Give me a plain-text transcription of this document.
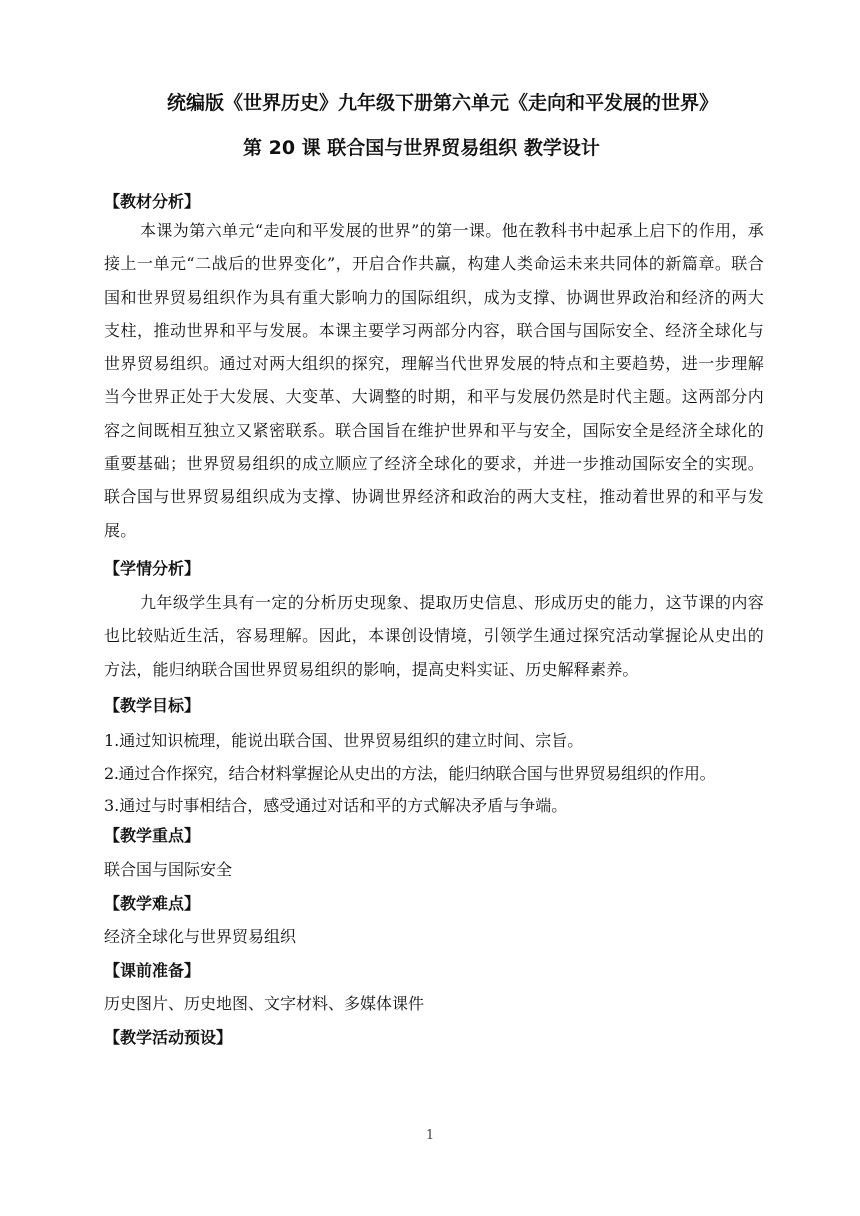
统编版《世界历史》九年级下册第六单元《走向和平发展的世界》
第 20 课 联合国与世界贸易组织 教学设计
【教材分析】
本课为第六单元“走向和平发展的世界”的第一课。他在教科书中起承上启下的作用，承接上一单元“二战后的世界变化”，开启合作共赢，构建人类命运未来共同体的新篇章。联合国和世界贸易组织作为具有重大影响力的国际组织，成为支撑、协调世界政治和经济的两大支柱，推动世界和平与发展。本课主要学习两部分内容，联合国与国际安全、经济全球化与世界贸易组织。通过对两大组织的探究，理解当代世界发展的特点和主要趋势，进一步理解当今世界正处于大发展、大变革、大调整的时期，和平与发展仍然是时代主题。这两部分内容之间既相互独立又紧密联系。联合国旨在维护世界和平与安全，国际安全是经济全球化的重要基础；世界贸易组织的成立顺应了经济全球化的要求，并进一步推动国际安全的实现。联合国与世界贸易组织成为支撑、协调世界经济和政治的两大支柱，推动着世界的和平与发展。
【学情分析】
九年级学生具有一定的分析历史现象、提取历史信息、形成历史的能力，这节课的内容也比较贴近生活，容易理解。因此，本课创设情境，引领学生通过探究活动掌握论从史出的方法，能归纳联合国世界贸易组织的影响，提高史料实证、历史解释素养。
【教学目标】
1.通过知识梳理，能说出联合国、世界贸易组织的建立时间、宗旨。
2.通过合作探究，结合材料掌握论从史出的方法，能归纳联合国与世界贸易组织的作用。
3.通过与时事相结合，感受通过对话和平的方式解决矛盾与争端。
【教学重点】
联合国与国际安全
【教学难点】
经济全球化与世界贸易组织
【课前准备】
历史图片、历史地图、文字材料、多媒体课件
【教学活动预设】
1
